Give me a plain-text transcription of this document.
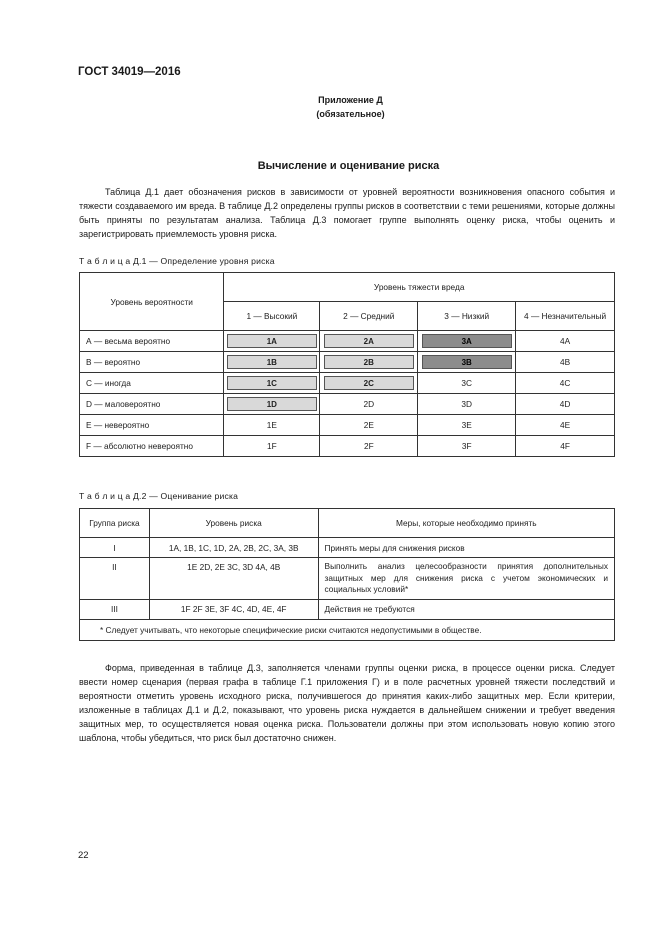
ГОСТ 34019—2016
Приложение Д
(обязательное)
Вычисление и оценивание риска

Таблица Д.1 дает обозначения рисков в зависимости от уровней вероятности возникновения опасного события и тяжести создаваемого им вреда. В таблице Д.2 определены группы рисков в соответствии с теми решениями, которые должны быть приняты по результатам анализа. Таблица Д.3 помогает группе выполнять оценку риска, чтобы оценить и зарегистрировать приемлемость уровня риска.

Т а б л и ц а Д.1 — Определение уровня риска
Уровень вероятности	Уровень тяжести вреда			
	1 — Высокий	2 — Средний	3 — Низкий	4 — Незначительный
А — весьма вероятно	1A	2A	3A	4A
В — вероятно	1B	2B	3B	4B
С — иногда	1C	2C	3C	4C
D — маловероятно	1D	2D	3D	4D
Е — невероятно	1E	2E	3E	4E
F — абсолютно невероятно	1F	2F	3F	4F
Т а б л и ц а Д.2 — Оценивание риска
Группа риска	Уровень риска	Меры, которые необходимо принять
I	1A, 1B, 1C, 1D, 2A, 2B, 2C, 3A, 3B	Принять меры для снижения рисков
II	1E 2D, 2E 3C, 3D 4A, 4B	Выполнить анализ целесообразности принятия дополнительных защитных мер для снижения риска с учетом экономических и социальных условий*
III	1F 2F 3E, 3F 4C, 4D, 4E, 4F	Действия не требуются
* Следует учитывать, что некоторые специфические риски считаются недопустимыми в обществе.		

Форма, приведенная в таблице Д.3, заполняется членами группы оценки риска, в процессе оценки риска. Следует ввести номер сценария (первая графа в таблице Г.1 приложения Г) и в поле расчетных уровней тяжести последствий и вероятности отметить уровень исходного риска, получившегося до принятия каких-либо защитных мер. Если критерии, изложенные в таблицах Д.1 и Д.2, показывают, что уровень риска нуждается в дальнейшем снижении и требует введения защитных мер, то осуществляется новая оценка риска. Пользователи должны при этом использовать новую копию этого шаблона, чтобы убедиться, что риск был достаточно снижен.

22
